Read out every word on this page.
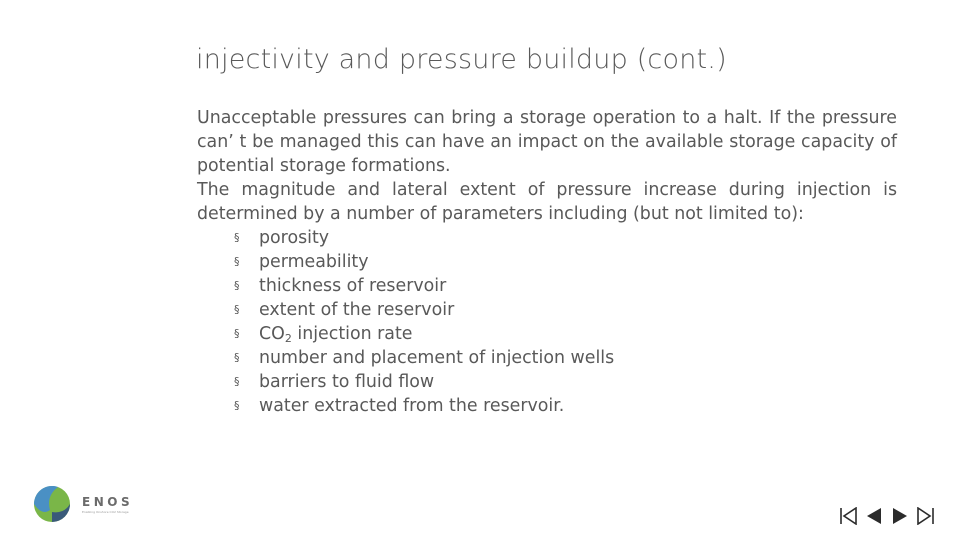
injectivity and pressure buildup (cont.)

Unacceptable pressures can bring a storage operation to a halt. If the pressure can’ t be managed this can have an impact on the available storage capacity of potential storage formations.

The magnitude and lateral extent of pressure increase during injection is determined by a number of parameters including (but not limited to):

§ porosity
§ permeability
§ thickness of reservoir
§ extent of the reservoir
§ $CO_2$ injection rate
§ number and placement of injection wells
§ barriers to fluid flow
§ water extracted from the reservoir.
ENOS
Enabling Onshore CO2 Storage
